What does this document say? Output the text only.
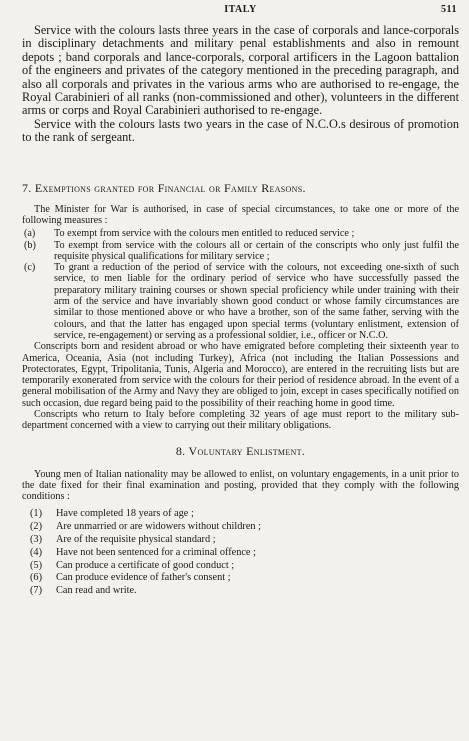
ITALY	511

Service with the colours lasts three years in the case of corporals and lance-corporals in disciplinary detachments and military penal establishments and also in remount depots ; band corporals and lance-corporals, corporal artificers in the Lagoon battalion of the engineers and privates of the category mentioned in the preceding paragraph, and also all corporals and privates in the various arms who are authorised to re-engage, the Royal Carabinieri of all ranks (non-commissioned and other), volunteers in the different arms or corps and Royal Carabinieri authorised to re-engage.

Service with the colours lasts two years in the case of N.C.O.s desirous of promotion to the rank of sergeant.

7. Exemptions granted for Financial or Family Reasons.

The Minister for War is authorised, in case of special circumstances, to take one or more of the following measures :

(a)	To exempt from service with the colours men entitled to reduced service ;
(b)	To exempt from service with the colours all or certain of the conscripts who only just fulfil the requisite physical qualifications for military service ;
(c)	To grant a reduction of the period of service with the colours, not exceeding one-sixth of such service, to men liable for the ordinary period of service who have successfully passed the preparatory military training courses or shown special proficiency while under training with their arm of the service and have invariably shown good conduct or whose family circumstances are similar to those mentioned above or who have a brother, son of the same father, serving with the colours, and that the latter has engaged upon special terms (voluntary enlistment, extension of service, re-engagement) or serving as a professional soldier, i.e., officer or N.C.O.

Conscripts born and resident abroad or who have emigrated before completing their sixteenth year to America, Oceania, Asia (not including Turkey), Africa (not including the Italian Possessions and Protectorates, Egypt, Tripolitania, Tunis, Algeria and Morocco), are entered in the recruiting lists but are temporarily exonerated from service with the colours for their period of residence abroad. In the event of a general mobilisation of the Army and Navy they are obliged to join, except in cases specifically notified on such occasion, due regard being paid to the possibility of their reaching home in good time.

Conscripts who return to Italy before completing 32 years of age must report to the military sub-department concerned with a view to carrying out their military obligations.

8. Voluntary Enlistment.

Young men of Italian nationality may be allowed to enlist, on voluntary engagements, in a unit prior to the date fixed for their final examination and posting, provided that they comply with the following conditions :

(1)	Have completed 18 years of age ;
(2)	Are unmarried or are widowers without children ;
(3)	Are of the requisite physical standard ;
(4)	Have not been sentenced for a criminal offence ;
(5)	Can produce a certificate of good conduct ;
(6)	Can produce evidence of father's consent ;
(7)	Can read and write.
